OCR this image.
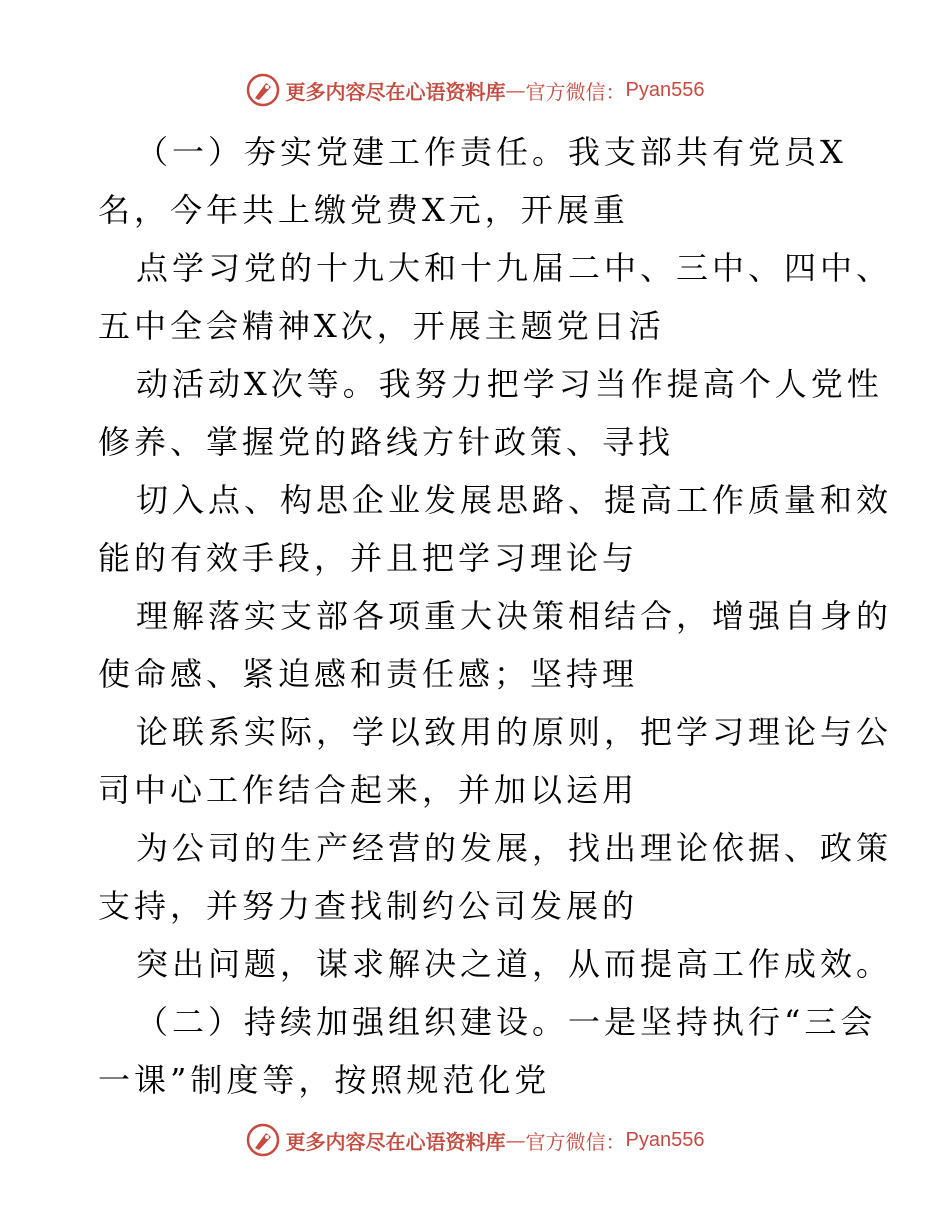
更多内容尽在心语资料库 — 官方微信： Pyan556
（一）夯实党建工作责任。我支部共有党员X
名，今年共上缴党费X元，开展重
点学习党的十九大和十九届二中、三中、四中、
五中全会精神X次，开展主题党日活
动活动X次等。我努力把学习当作提高个人党性
修养、掌握党的路线方针政策、寻找
切入点、构思企业发展思路、提高工作质量和效
能的有效手段，并且把学习理论与
理解落实支部各项重大决策相结合，增强自身的
使命感、紧迫感和责任感；坚持理
论联系实际，学以致用的原则，把学习理论与公
司中心工作结合起来，并加以运用
为公司的生产经营的发展，找出理论依据、政策
支持，并努力查找制约公司发展的
突出问题，谋求解决之道，从而提高工作成效。
（二）持续加强组织建设。一是坚持执行“三会
一课”制度等，按照规范化党
更多内容尽在心语资料库 — 官方微信： Pyan556
